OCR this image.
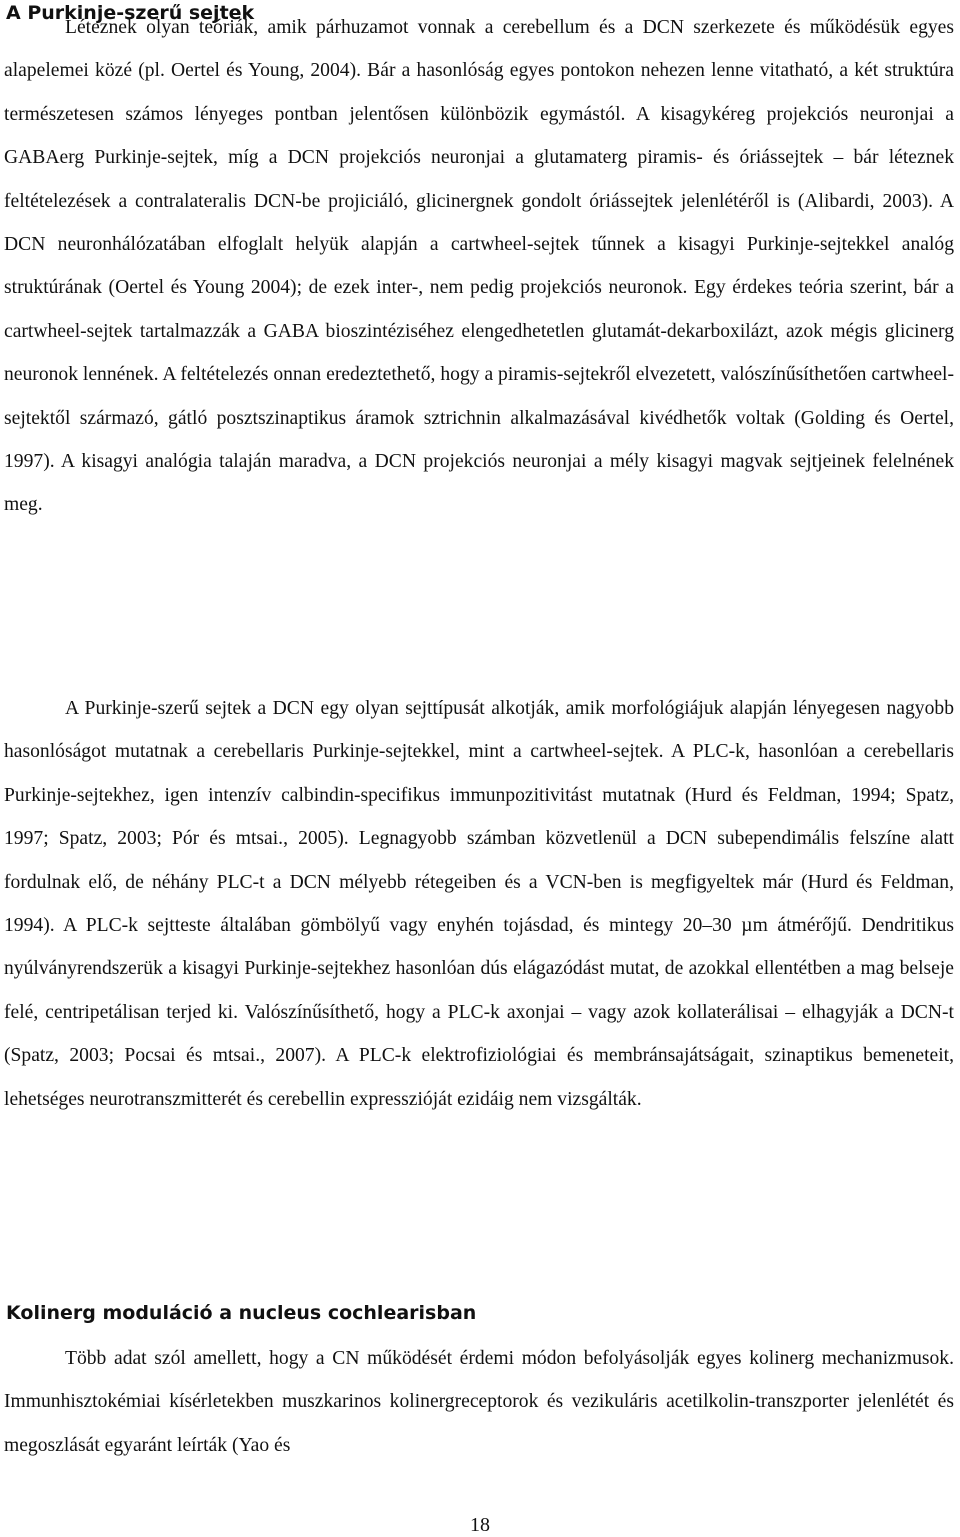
A Purkinje-szerű sejtek

Léteznek olyan teóriák, amik párhuzamot vonnak a cerebellum és a DCN szerkezete és működésük egyes alapelemei közé (pl. Oertel és Young, 2004). Bár a hasonlóság egyes pontokon nehezen lenne vitatható, a két struktúra természetesen számos lényeges pontban jelentősen különbözik egymástól. A kisagykéreg projekciós neuronjai a GABAerg Purkinje-sejtek, míg a DCN projekciós neuronjai a glutamaterg piramis- és óriássejtek – bár léteznek feltételezések a contralateralis DCN-be projiciáló, glicinergnek gondolt óriássejtek jelenlétéről is (Alibardi, 2003). A DCN neuronhálózatában elfoglalt helyük alapján a cartwheel-sejtek tűnnek a kisagyi Purkinje-sejtekkel analóg struktúrának (Oertel és Young 2004); de ezek inter-, nem pedig projekciós neuronok. Egy érdekes teória szerint, bár a cartwheel-sejtek tartalmazzák a GABA bioszintéziséhez elengedhetetlen glutamát-dekarboxilázt, azok mégis glicinerg neuronok lennének. A feltételezés onnan eredeztethető, hogy a piramis-sejtekről elvezetett, valószínűsíthetően cartwheel-sejtektől származó, gátló posztszinaptikus áramok sztrichnin alkalmazásával kivédhetők voltak (Golding és Oertel, 1997). A kisagyi analógia talaján maradva, a DCN projekciós neuronjai a mély kisagyi magvak sejtjeinek felelnének meg.

A Purkinje-szerű sejtek a DCN egy olyan sejttípusát alkotják, amik morfológiájuk alapján lényegesen nagyobb hasonlóságot mutatnak a cerebellaris Purkinje-sejtekkel, mint a cartwheel-sejtek. A PLC-k, hasonlóan a cerebellaris Purkinje-sejtekhez, igen intenzív calbindin-specifikus immunpozitivitást mutatnak (Hurd és Feldman, 1994; Spatz, 1997; Spatz, 2003; Pór és mtsai., 2005). Legnagyobb számban közvetlenül a DCN subependimális felszíne alatt fordulnak elő, de néhány PLC-t a DCN mélyebb rétegeiben és a VCN-ben is megfigyeltek már (Hurd és Feldman, 1994). A PLC-k sejtteste általában gömbölyű vagy enyhén tojásdad, és mintegy 20–30 µm átmérőjű. Dendritikus nyúlványrendszerük a kisagyi Purkinje-sejtekhez hasonlóan dús elágazódást mutat, de azokkal ellentétben a mag belseje felé, centripetálisan terjed ki. Valószínűsíthető, hogy a PLC-k axonjai – vagy azok kollaterálisai – elhagyják a DCN-t (Spatz, 2003; Pocsai és mtsai., 2007). A PLC-k elektrofiziológiai és membránsajátságait, szinaptikus bemeneteit, lehetséges neurotranszmitterét és cerebellin expresszióját ezidáig nem vizsgálták.

Kolinerg moduláció a nucleus cochlearisban

Több adat szól amellett, hogy a CN működését érdemi módon befolyásolják egyes kolinerg mechanizmusok. Immunhisztokémiai kísérletekben muszkarinos kolinergreceptorok és vezikuláris acetilkolin-transzporter jelenlétét és megoszlását egyaránt leírták (Yao és

18
